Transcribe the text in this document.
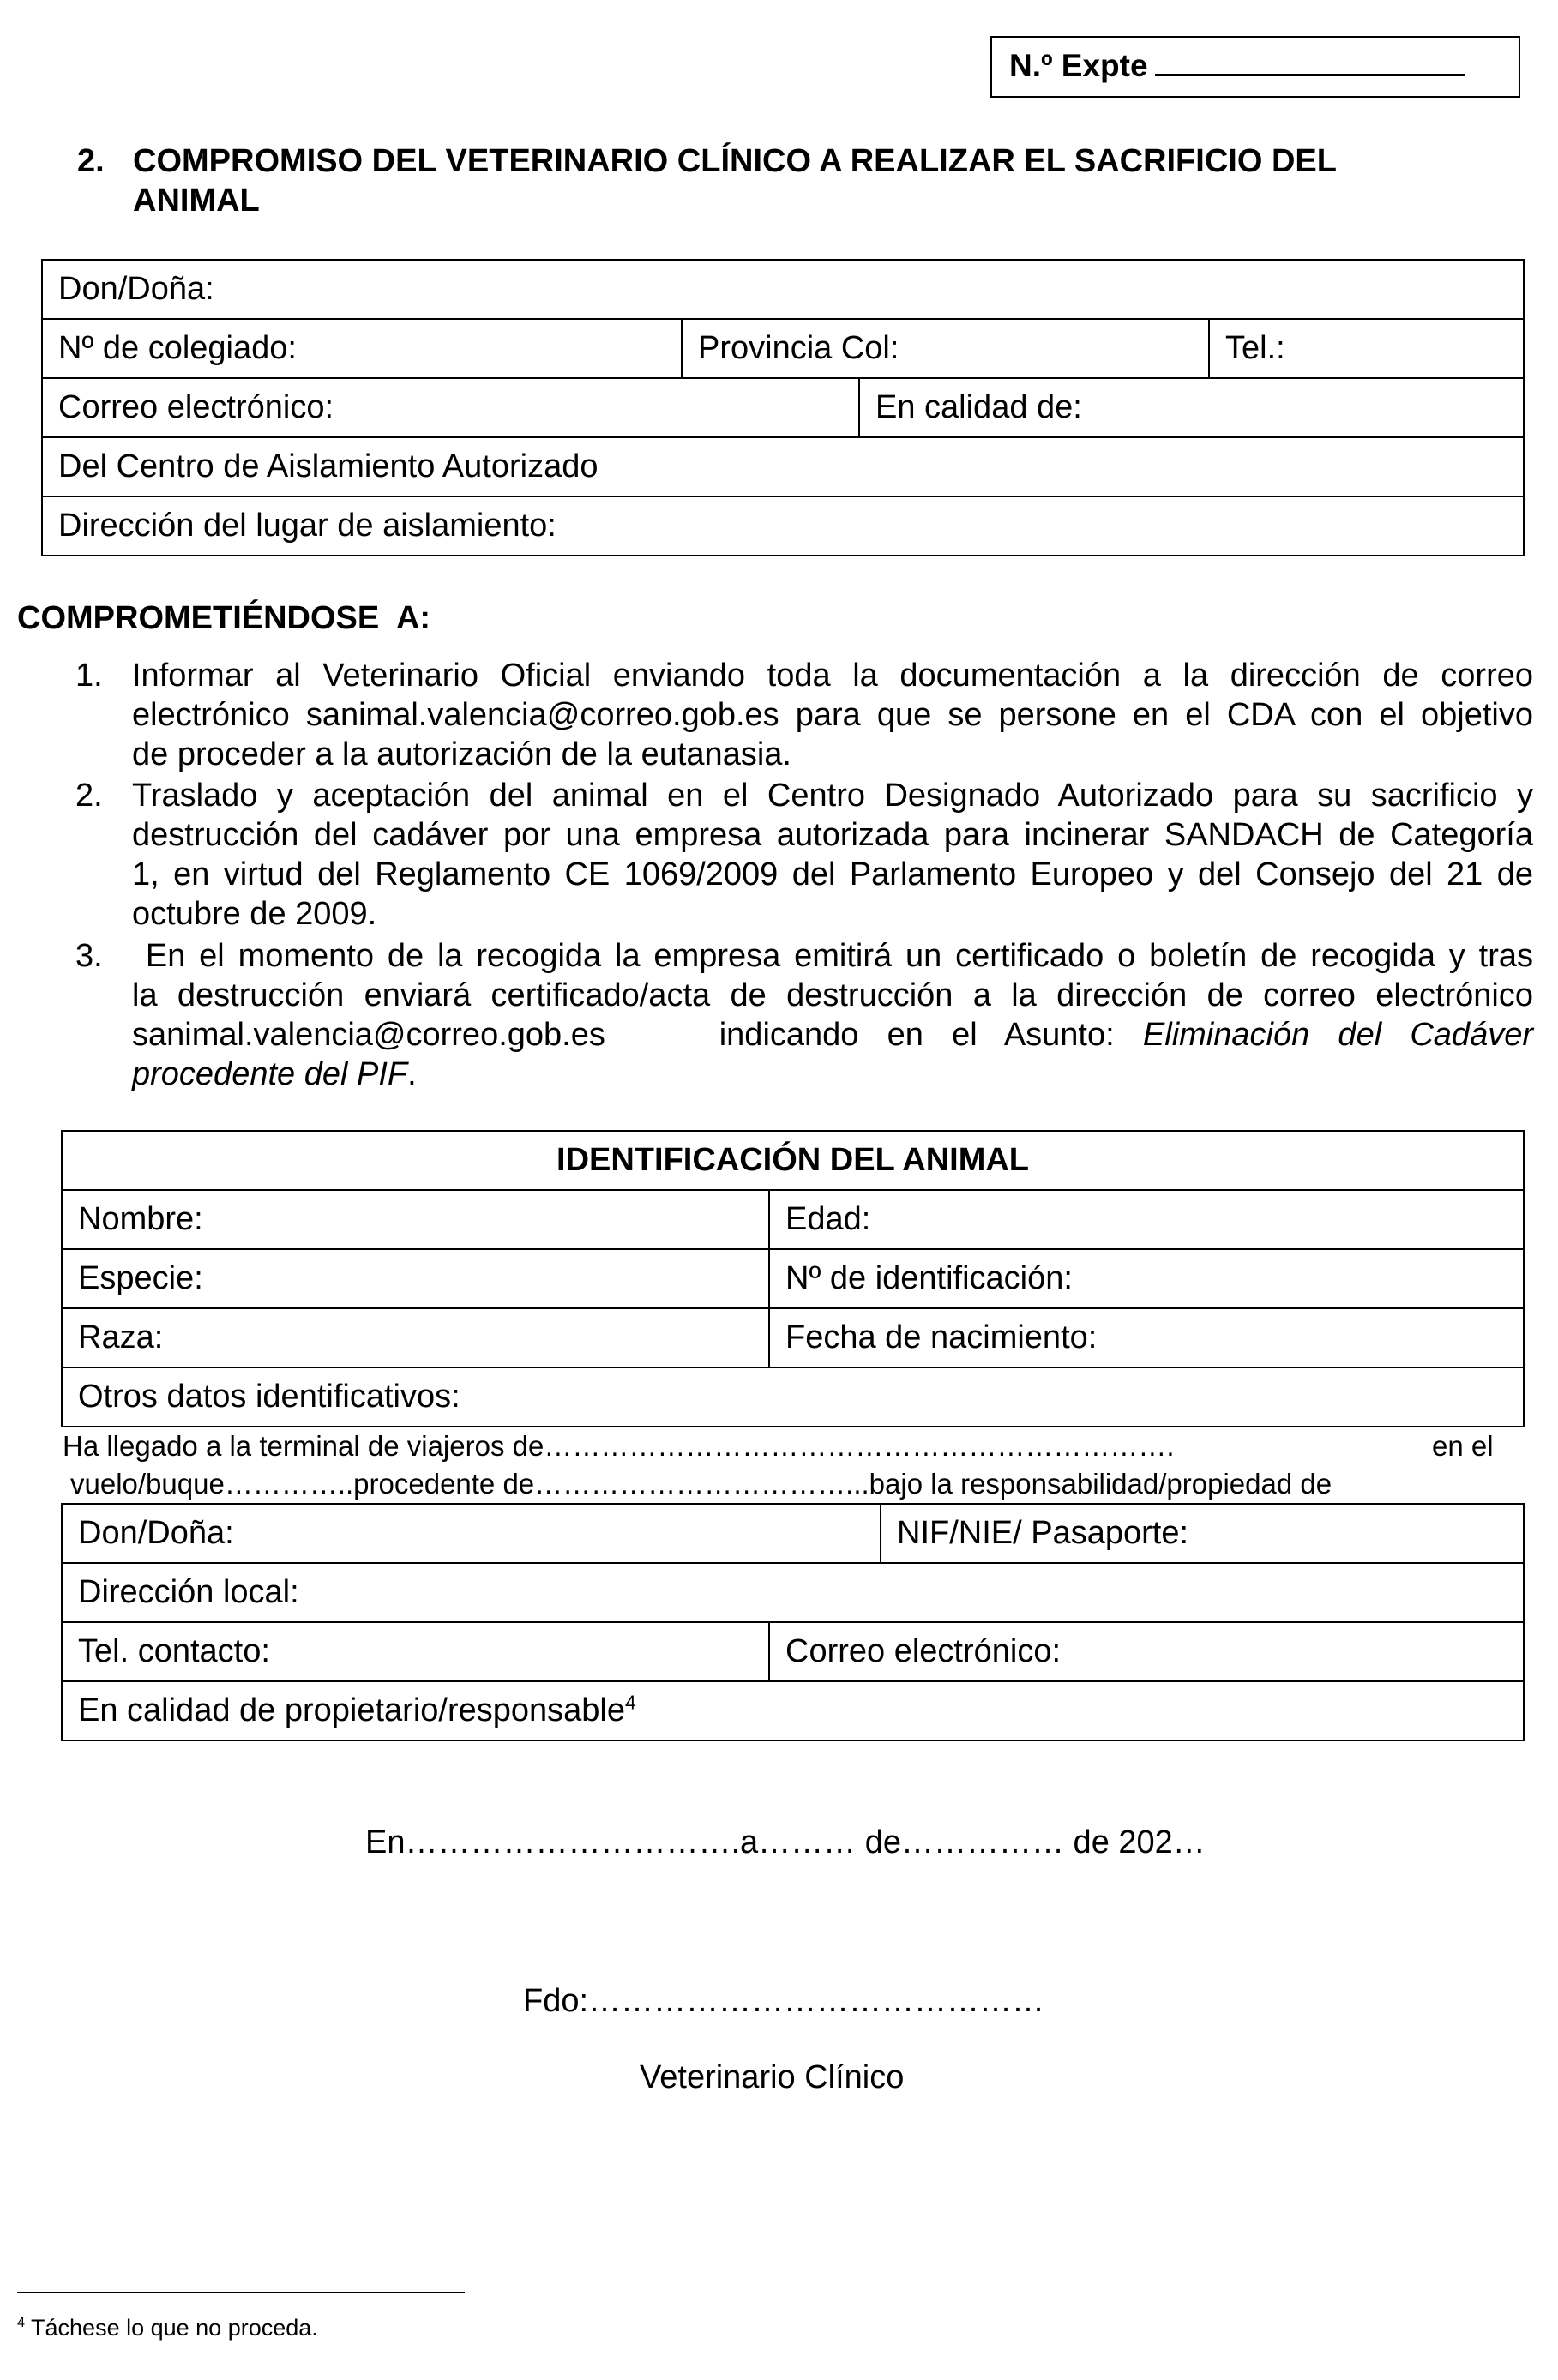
N.º Expte
2. COMPROMISO DEL VETERINARIO CLÍNICO A REALIZAR EL SACRIFICIO DEL
ANIMAL
Don/Doña:			
Nº de colegiado:	Provincia Col:		Tel.:
Correo electrónico:		En calidad de:	
Del Centro de Aislamiento Autorizado			
Dirección del lugar de aislamiento:			
COMPROMETIÉNDOSE  A:
1. Informar al Veterinario Oficial enviando toda la documentación a la dirección de correo
electrónico sanimal.valencia@correo.gob.es para que se persone en el CDA con el objetivo
de proceder a la autorización de la eutanasia.
2. Traslado y aceptación del animal en el Centro Designado Autorizado para su sacrificio y
destrucción del cadáver por una empresa autorizada para incinerar SANDACH de Categoría
1, en virtud del Reglamento CE 1069/2009 del Parlamento Europeo y del Consejo del 21 de
octubre de 2009.
3. En el momento de la recogida la empresa emitirá un certificado o boletín de recogida y tras
la destrucción enviará certificado/acta de destrucción a la dirección de correo electrónico
sanimal.valencia@correo.gob.es    indicando en el Asunto: Eliminación del Cadáver
procedente del PIF.
IDENTIFICACIÓN DEL ANIMAL	
Nombre:	Edad:
Especie:	Nº de identificación:
Raza:	Fecha de nacimiento:
Otros datos identificativos:	
Ha llegado a la terminal de viajeros de………………………………………………………….	en el
vuelo/buque…………..procedente de……………………………...bajo la responsabilidad/propiedad de
Don/Doña:		NIF/NIE/ Pasaporte:
Dirección local:		
Tel. contacto:	Correo electrónico:	
En calidad de propietario/responsable$^4$
En………………………….a……… de…………… de 202…
Fdo:……………………………………
Veterinario Clínico
$^4$ Táchese lo que no proceda.
